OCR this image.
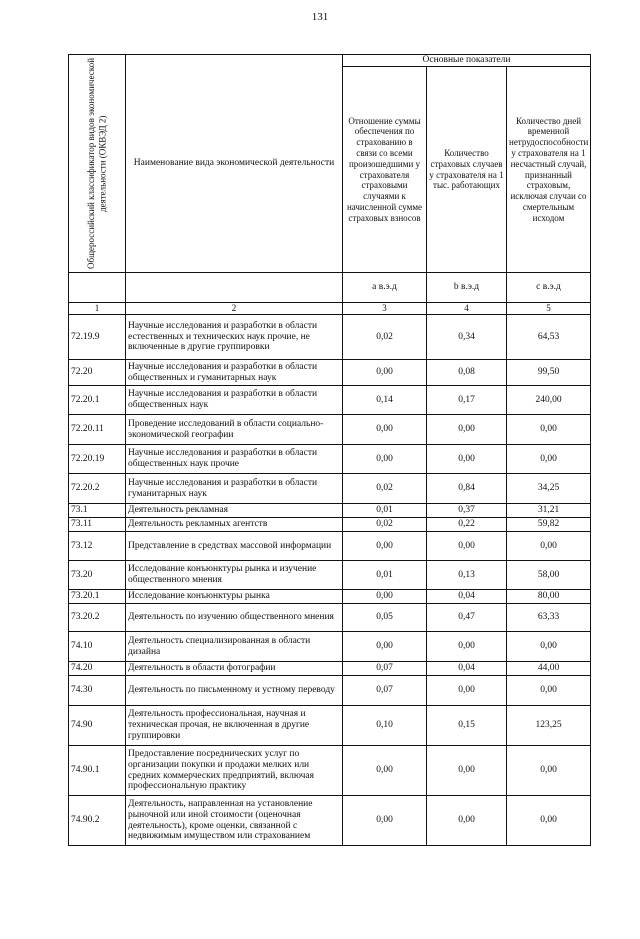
131
Общероссийский классификатор видов экономической деятельности (ОКВЭД 2)	Наименование вида экономической деятельности	Основные показатели		
		Отношение суммы обеспечения по страхованию в связи со всеми произошедшими у страхователя страховыми случаями к начисленной сумме страховых взносов	Количество страховых случаев у страхователя на 1 тыс. работающих	Количество дней временной нетрудоспособности у страхователя на 1 несчастный случай, признанный страховым, исключая случаи со смертельным исходом
		a в.э.д	b в.э.д	c в.э.д
1	2	3	4	5
72.19.9	Научные исследования и разработки в области естественных и технических наук прочие, не включенные в другие группировки	0,02	0,34	64,53
72.20	Научные исследования и разработки в области общественных и гуманитарных наук	0,00	0,08	99,50
72.20.1	Научные исследования и разработки в области общественных наук	0,14	0,17	240,00
72.20.11	Проведение исследований в области социально-экономической географии	0,00	0,00	0,00
72.20.19	Научные исследования и разработки в области общественных наук прочие	0,00	0,00	0,00
72.20.2	Научные исследования и разработки в области гуманитарных наук	0,02	0,84	34,25
73.1	Деятельность рекламная	0,01	0,37	31,21
73.11	Деятельность рекламных агентств	0,02	0,22	59,82
73.12	Представление в средствах массовой информации	0,00	0,00	0,00
73.20	Исследование конъюнктуры рынка и изучение общественного мнения	0,01	0,13	58,00
73.20.1	Исследование конъюнктуры рынка	0,00	0,04	80,00
73.20.2	Деятельность по изучению общественного мнения	0,05	0,47	63,33
74.10	Деятельность специализированная в области дизайна	0,00	0,00	0,00
74.20	Деятельность в области фотографии	0,07	0,04	44,00
74.30	Деятельность по письменному и устному переводу	0,07	0,00	0,00
74.90	Деятельность профессиональная, научная и техническая прочая, не включенная в другие группировки	0,10	0,15	123,25
74.90.1	Предоставление посреднических услуг по организации покупки и продажи мелких или средних коммерческих предприятий, включая профессиональную практику	0,00	0,00	0,00
74.90.2	Деятельность, направленная на установление рыночной или иной стоимости (оценочная деятельность), кроме оценки, связанной с недвижимым имуществом или страхованием	0,00	0,00	0,00
